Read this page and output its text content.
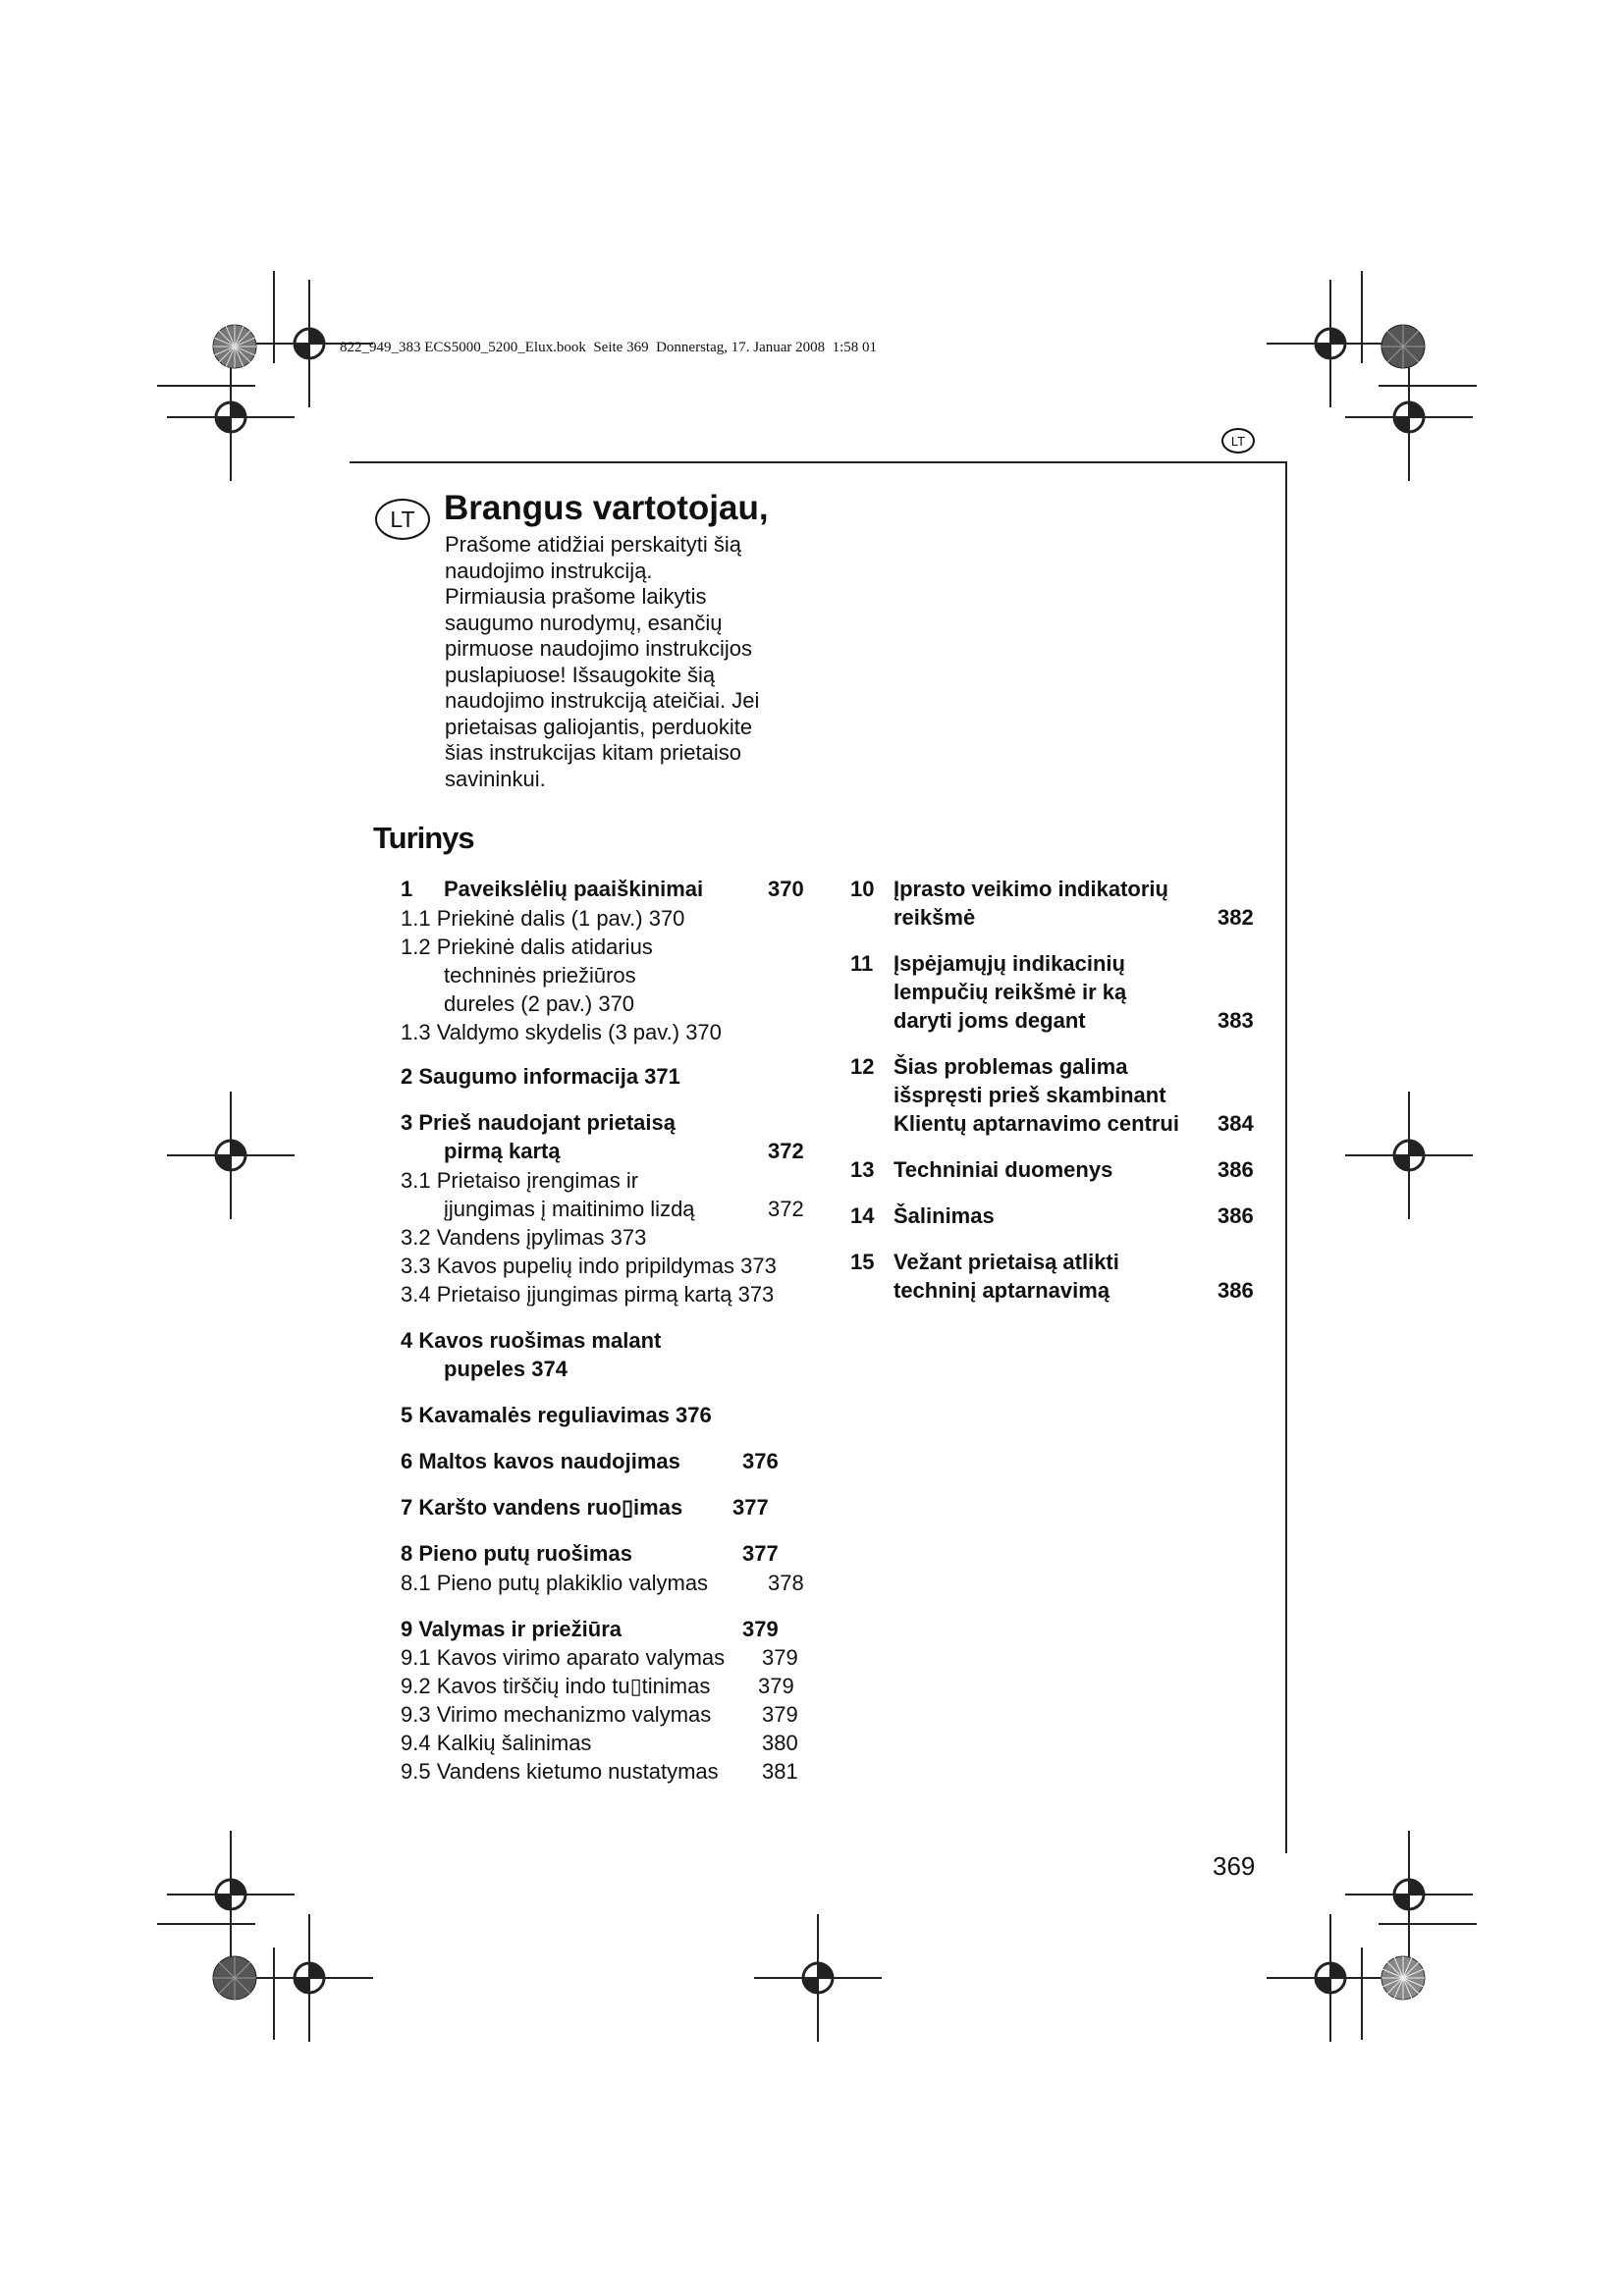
822_949_383 ECS5000_5200_Elux.book  Seite 369  Donnerstag, 17. Januar 2008  1:58 01
LT
LT Brangus vartotojau,
Prašome atidžiai perskaityti šią
naudojimo instrukciją.
Pirmiausia prašome laikytis
saugumo nurodymų, esančių
pirmuose naudojimo instrukcijos
puslapiuose! Išsaugokite šią
naudojimo instrukciją ateičiai. Jei
prietaisas galiojantis, perduokite
šias instrukcijas kitam prietaiso
savininkui.
Turinys
1 Paveikslėlių paaiškinimai	370
1.1 Priekinė dalis (1 pav.) 370
1.2 Priekinė dalis atidarius
techninės priežiūros
dureles (2 pav.) 370
1.3 Valdymo skydelis (3 pav.) 370
2 Saugumo informacija 371
3 Prieš naudojant prietaisą
pirmą kartą	372
3.1 Prietaiso įrengimas ir
įjungimas į maitinimo lizdą	372
3.2 Vandens įpylimas 373
3.3 Kavos pupelių indo pripildymas 373
3.4 Prietaiso įjungimas pirmą kartą 373
4 Kavos ruošimas malant
pupeles 374
5 Kavamalės reguliavimas 376
6 Maltos kavos naudojimas	376
7 Karšto vandens ruo▯imas 377
8 Pieno putų ruošimas	377
8.1 Pieno putų plakiklio valymas	378
9 Valymas ir priežiūra	379
9.1 Kavos virimo aparato valymas 379
9.2 Kavos tirščių indo tu▯tinimas 379
9.3 Virimo mechanizmo valymas 379
9.4 Kalkių šalinimas	380
9.5 Vandens kietumo nustatymas 381
10 Įprasto veikimo indikatorių
reikšmė	382
11 Įspėjamųjų indikacinių
lempučių reikšmė ir ką
daryti joms degant	383
12 Šias problemas galima
išspręsti prieš skambinant
Klientų aptarnavimo centrui 384
13 Techniniai duomenys	386
14 Šalinimas	386
15 Vežant prietaisą atlikti
techninį aptarnavimą	386
369
